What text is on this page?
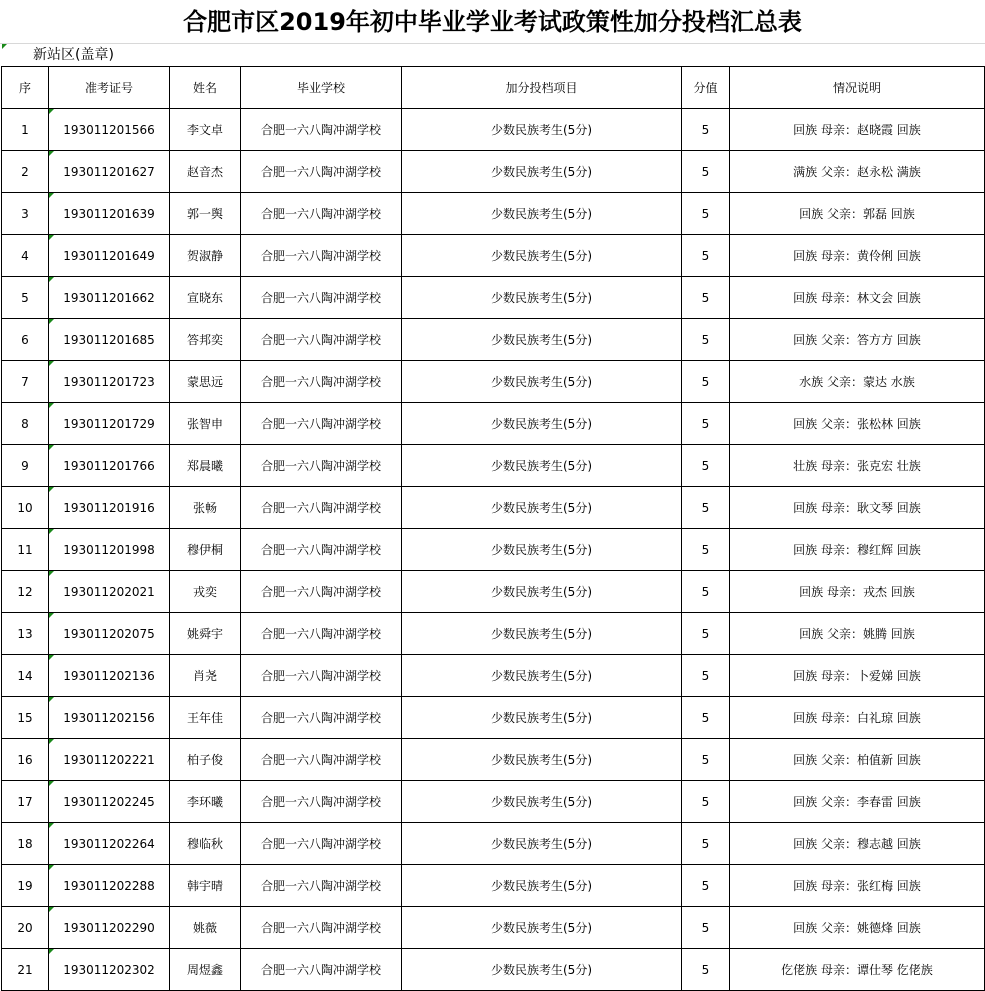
合肥市区2019年初中毕业学业考试政策性加分投档汇总表
新站区(盖章)
序	准考证号	姓名	毕业学校	加分投档项目	分值	情况说明
1	193011201566	李文卓	合肥一六八陶冲湖学校	少数民族考生(5分)	5	回族 母亲：赵晓霞 回族
2	193011201627	赵音杰	合肥一六八陶冲湖学校	少数民族考生(5分)	5	满族 父亲：赵永松 满族
3	193011201639	郭一舆	合肥一六八陶冲湖学校	少数民族考生(5分)	5	回族 父亲：郭磊 回族
4	193011201649	贺淑静	合肥一六八陶冲湖学校	少数民族考生(5分)	5	回族 母亲：黄伶俐 回族
5	193011201662	宣晓东	合肥一六八陶冲湖学校	少数民族考生(5分)	5	回族 母亲：林文会 回族
6	193011201685	答邦奕	合肥一六八陶冲湖学校	少数民族考生(5分)	5	回族 父亲：答方方 回族
7	193011201723	蒙思远	合肥一六八陶冲湖学校	少数民族考生(5分)	5	水族 父亲：蒙达 水族
8	193011201729	张智申	合肥一六八陶冲湖学校	少数民族考生(5分)	5	回族 父亲：张松林 回族
9	193011201766	郑晨曦	合肥一六八陶冲湖学校	少数民族考生(5分)	5	壮族 母亲：张克宏 壮族
10	193011201916	张畅	合肥一六八陶冲湖学校	少数民族考生(5分)	5	回族 母亲：耿文琴 回族
11	193011201998	穆伊桐	合肥一六八陶冲湖学校	少数民族考生(5分)	5	回族 母亲：穆红辉 回族
12	193011202021	戎奕	合肥一六八陶冲湖学校	少数民族考生(5分)	5	回族 母亲：戎杰 回族
13	193011202075	姚舜宇	合肥一六八陶冲湖学校	少数民族考生(5分)	5	回族 父亲：姚腾 回族
14	193011202136	肖尧	合肥一六八陶冲湖学校	少数民族考生(5分)	5	回族 母亲：卜爱娣 回族
15	193011202156	王年佳	合肥一六八陶冲湖学校	少数民族考生(5分)	5	回族 母亲：白礼琼 回族
16	193011202221	柏子俊	合肥一六八陶冲湖学校	少数民族考生(5分)	5	回族 父亲：柏值新 回族
17	193011202245	李环曦	合肥一六八陶冲湖学校	少数民族考生(5分)	5	回族 父亲：李春雷 回族
18	193011202264	穆临秋	合肥一六八陶冲湖学校	少数民族考生(5分)	5	回族 父亲：穆志越 回族
19	193011202288	韩宇晴	合肥一六八陶冲湖学校	少数民族考生(5分)	5	回族 母亲：张红梅 回族
20	193011202290	姚薇	合肥一六八陶冲湖学校	少数民族考生(5分)	5	回族 父亲：姚德烽 回族
21	193011202302	周煜鑫	合肥一六八陶冲湖学校	少数民族考生(5分)	5	仡佬族 母亲：谭仕琴 仡佬族
